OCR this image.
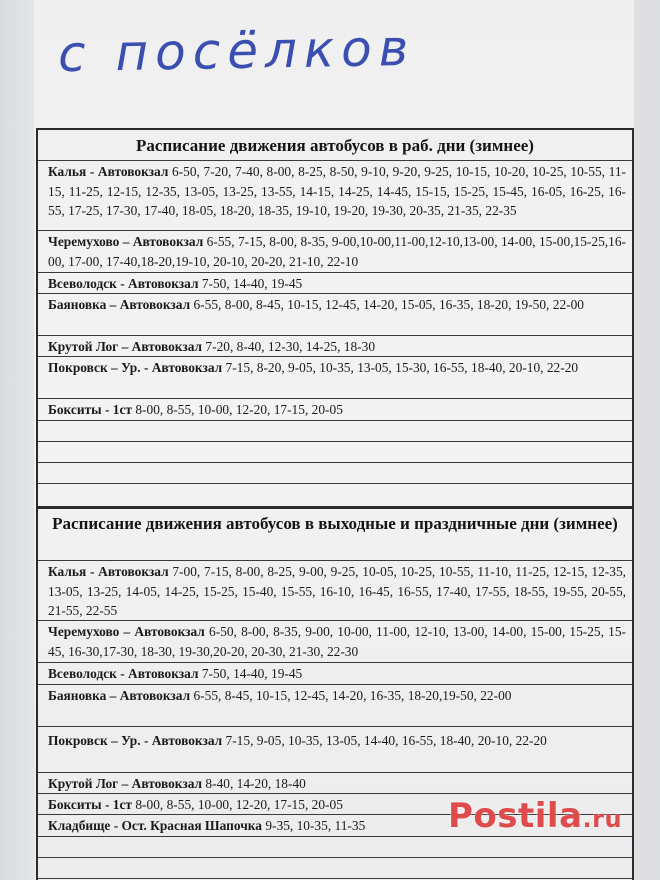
с посёлков
Расписание движения автобусов в раб. дни (зимнее)
Калья - Автовокзал 6-50, 7-20, 7-40, 8-00, 8-25, 8-50, 9-10, 9-20, 9-25, 10-15, 10-20, 10-25, 10-55, 11-15, 11-25, 12-15, 12-35, 13-05, 13-25, 13-55, 14-15, 14-25, 14-45, 15-15, 15-25, 15-45, 16-05, 16-25, 16-55, 17-25, 17-30, 17-40, 18-05, 18-20, 18-35, 19-10, 19-20, 19-30, 20-35, 21-35, 22-35
Черемухово – Автовокзал 6-55, 7-15, 8-00, 8-35, 9-00,10-00,11-00,12-10,13-00, 14-00, 15-00,15-25,16-00, 17-00, 17-40,18-20,19-10, 20-10, 20-20, 21-10, 22-10
Всеволодск - Автовокзал 7-50, 14-40, 19-45
Баяновка – Автовокзал 6-55, 8-00, 8-45, 10-15, 12-45, 14-20, 15-05, 16-35, 18-20, 19-50, 22-00
Крутой Лог – Автовокзал 7-20, 8-40, 12-30, 14-25, 18-30
Покровск – Ур. - Автовокзал 7-15, 8-20, 9-05, 10-35, 13-05, 15-30, 16-55, 18-40, 20-10, 22-20
Бокситы - 1ст 8-00, 8-55, 10-00, 12-20, 17-15, 20-05
Расписание движения автобусов в выходные и праздничные дни (зимнее)
Калья - Автовокзал 7-00, 7-15, 8-00, 8-25, 9-00, 9-25, 10-05, 10-25, 10-55, 11-10, 11-25, 12-15, 12-35, 13-05, 13-25, 14-05, 14-25, 15-25, 15-40, 15-55, 16-10, 16-45, 16-55, 17-40, 17-55, 18-55, 19-55, 20-55, 21-55, 22-55
Черемухово – Автовокзал 6-50, 8-00, 8-35, 9-00, 10-00, 11-00, 12-10, 13-00, 14-00, 15-00, 15-25, 15-45, 16-30,17-30, 18-30, 19-30,20-20, 20-30, 21-30, 22-30
Всеволодск - Автовокзал 7-50, 14-40, 19-45
Баяновка – Автовокзал 6-55, 8-45, 10-15, 12-45, 14-20, 16-35, 18-20,19-50, 22-00
Покровск – Ур. - Автовокзал 7-15, 9-05, 10-35, 13-05, 14-40, 16-55, 18-40, 20-10, 22-20
Крутой Лог – Автовокзал 8-40, 14-20, 18-40
Бокситы - 1ст 8-00, 8-55, 10-00, 12-20, 17-15, 20-05
Кладбище - Ост. Красная Шапочка 9-35, 10-35, 11-35	Postila.ru
